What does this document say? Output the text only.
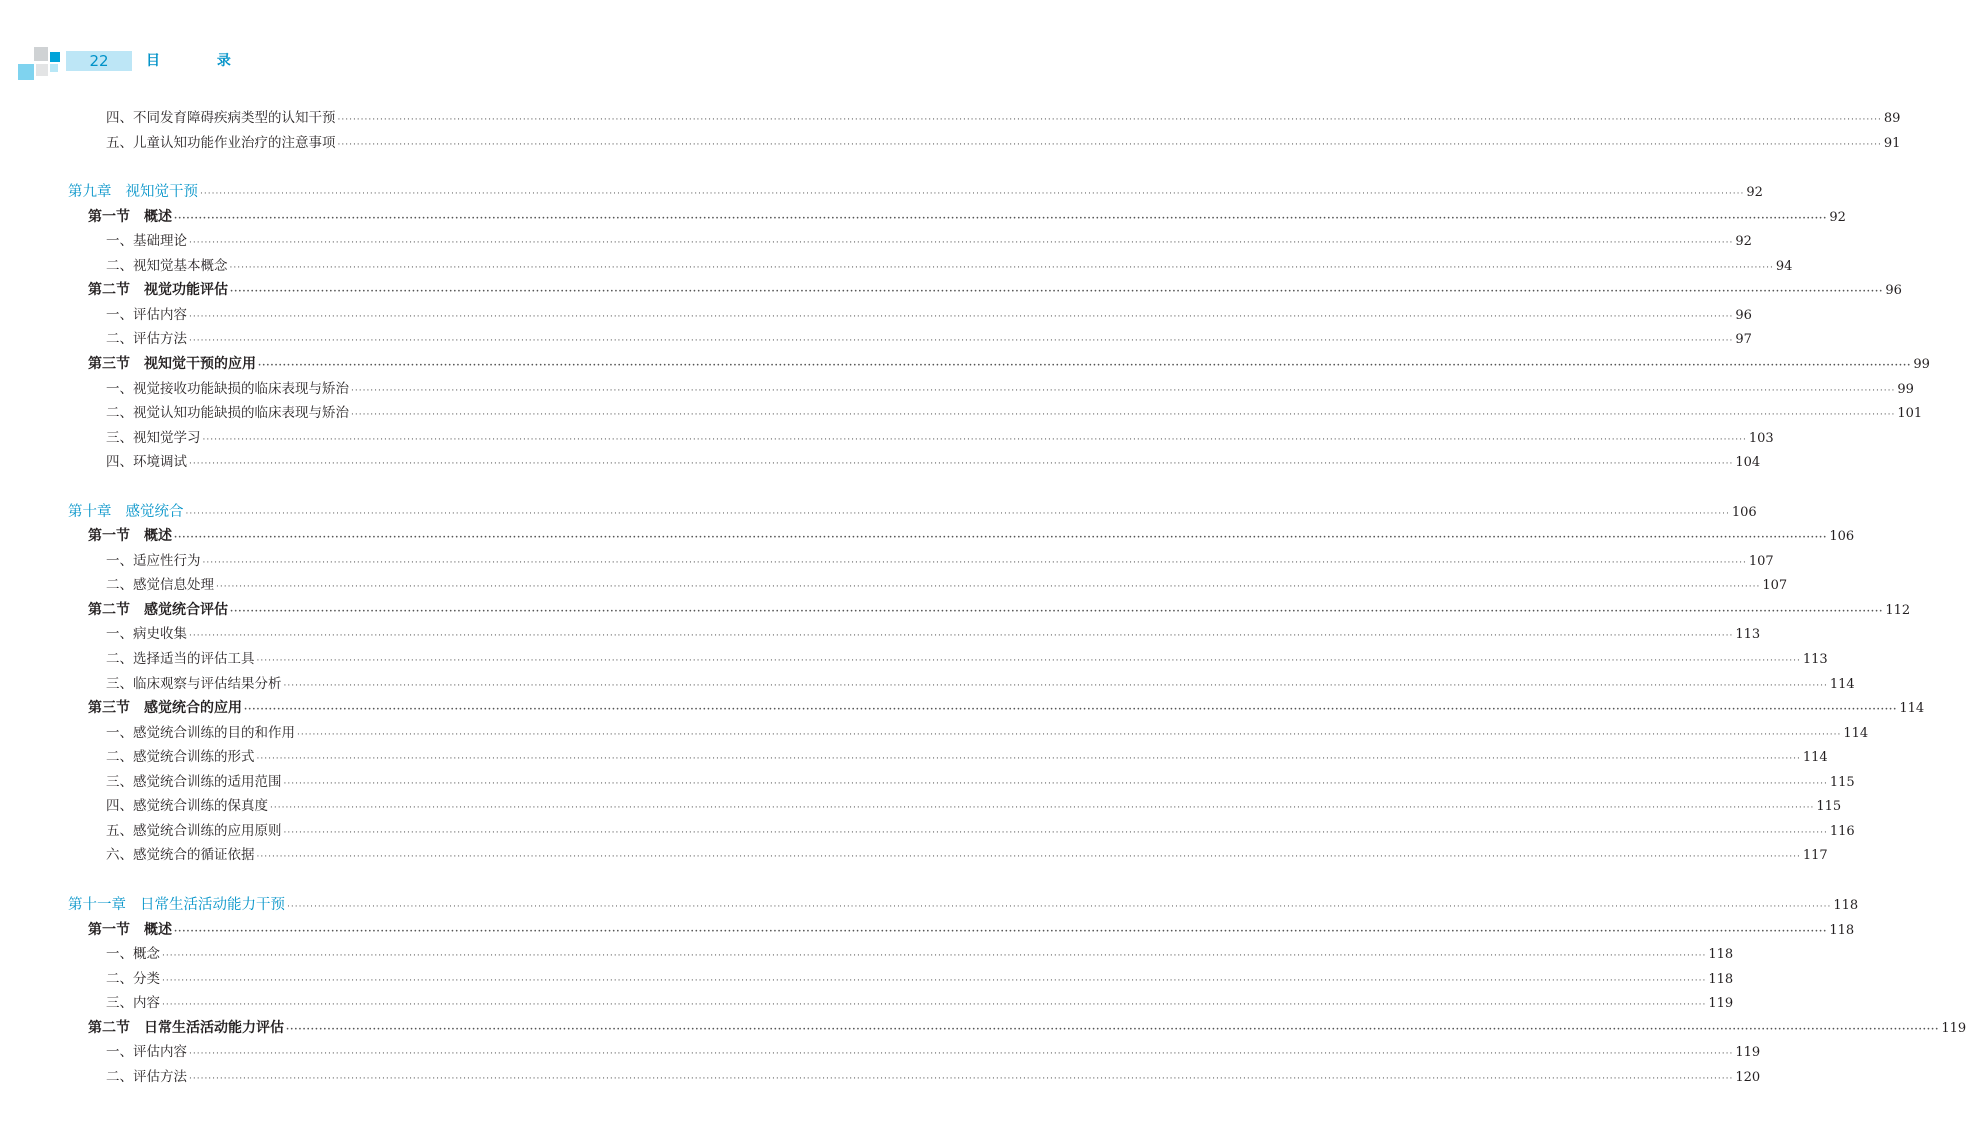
22	目 录
四、不同发育障碍疾病类型的认知干预 ················································································································································································································································································································································································································ 89
五、儿童认知功能作业治疗的注意事项 ················································································································································································································································································································································································································ 91
第九章 视知觉干预 ················································································································································································································································································································································································································ 92
第一节 概述 ················································································································································································································································································································································································································ 92
一、基础理论 ················································································································································································································································································································································································································ 92
二、视知觉基本概念 ················································································································································································································································································································································································································ 94
第二节 视觉功能评估 ················································································································································································································································································································································································································ 96
一、评估内容 ················································································································································································································································································································································································································ 96
二、评估方法 ················································································································································································································································································································································································································ 97
第三节 视知觉干预的应用 ················································································································································································································································································································································································································ 99
一、视觉接收功能缺损的临床表现与矫治 ················································································································································································································································································································································································································ 99
二、视觉认知功能缺损的临床表现与矫治 ················································································································································································································································································································································································································ 101
三、视知觉学习 ················································································································································································································································································································································································································ 103
四、环境调试 ················································································································································································································································································································································································································ 104
第十章 感觉统合 ················································································································································································································································································································································································································ 106
第一节 概述 ················································································································································································································································································································································································································ 106
一、适应性行为 ················································································································································································································································································································································································································ 107
二、感觉信息处理 ················································································································································································································································································································································································································ 107
第二节 感觉统合评估 ················································································································································································································································································································································································································ 112
一、病史收集 ················································································································································································································································································································································································································ 113
二、选择适当的评估工具 ················································································································································································································································································································································································································ 113
三、临床观察与评估结果分析 ················································································································································································································································································································································································································ 114
第三节 感觉统合的应用 ················································································································································································································································································································································································································ 114
一、感觉统合训练的目的和作用 ················································································································································································································································································································································································································ 114
二、感觉统合训练的形式 ················································································································································································································································································································································································································ 114
三、感觉统合训练的适用范围 ················································································································································································································································································································································································································ 115
四、感觉统合训练的保真度 ················································································································································································································································································································································································································ 115
五、感觉统合训练的应用原则 ················································································································································································································································································································································································································ 116
六、感觉统合的循证依据 ················································································································································································································································································································································································································ 117
第十一章 日常生活活动能力干预 ················································································································································································································································································································································································································ 118
第一节 概述 ················································································································································································································································································································································································································ 118
一、概念 ················································································································································································································································································································································································································ 118
二、分类 ················································································································································································································································································································································································································ 118
三、内容 ················································································································································································································································································································································································································ 119
第二节 日常生活活动能力评估 ················································································································································································································································································································································································································ 119
一、评估内容 ················································································································································································································································································································································································································ 119
二、评估方法 ················································································································································································································································································································································································································ 120
